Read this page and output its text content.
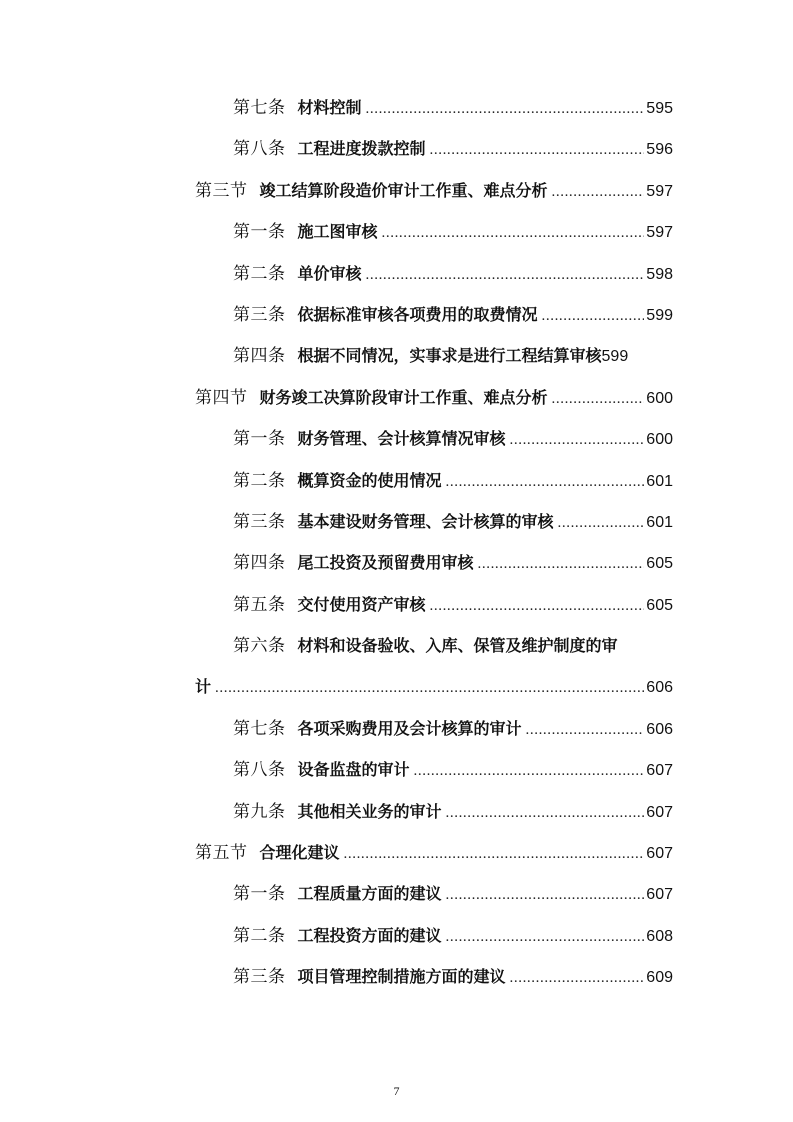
第七条 材料控制 .....	595
第八条 工程进度拨款控制 .....	596
第三节 竣工结算阶段造价审计工作重、难点分析 .....	597
第一条 施工图审核 .....	597
第二条 单价审核 .....	598
第三条 依据标准审核各项费用的取费情况 .....	599
第四条 根据不同情况，实事求是进行工程结算审核 599
第四节 财务竣工决算阶段审计工作重、难点分析 .....	600
第一条 财务管理、会计核算情况审核 .....	600
第二条 概算资金的使用情况 .....	601
第三条 基本建设财务管理、会计核算的审核 .....	601
第四条 尾工投资及预留费用审核 .....	605
第五条 交付使用资产审核 .....	605
第六条 材料和设备验收、入库、保管及维护制度的审
计 .....	606
第七条 各项采购费用及会计核算的审计 .....	606
第八条 设备监盘的审计 .....	607
第九条 其他相关业务的审计 .....	607
第五节 合理化建议 .....	607
第一条 工程质量方面的建议 .....	607
第二条 工程投资方面的建议 .....	608
第三条 项目管理控制措施方面的建议 .....	609
7
